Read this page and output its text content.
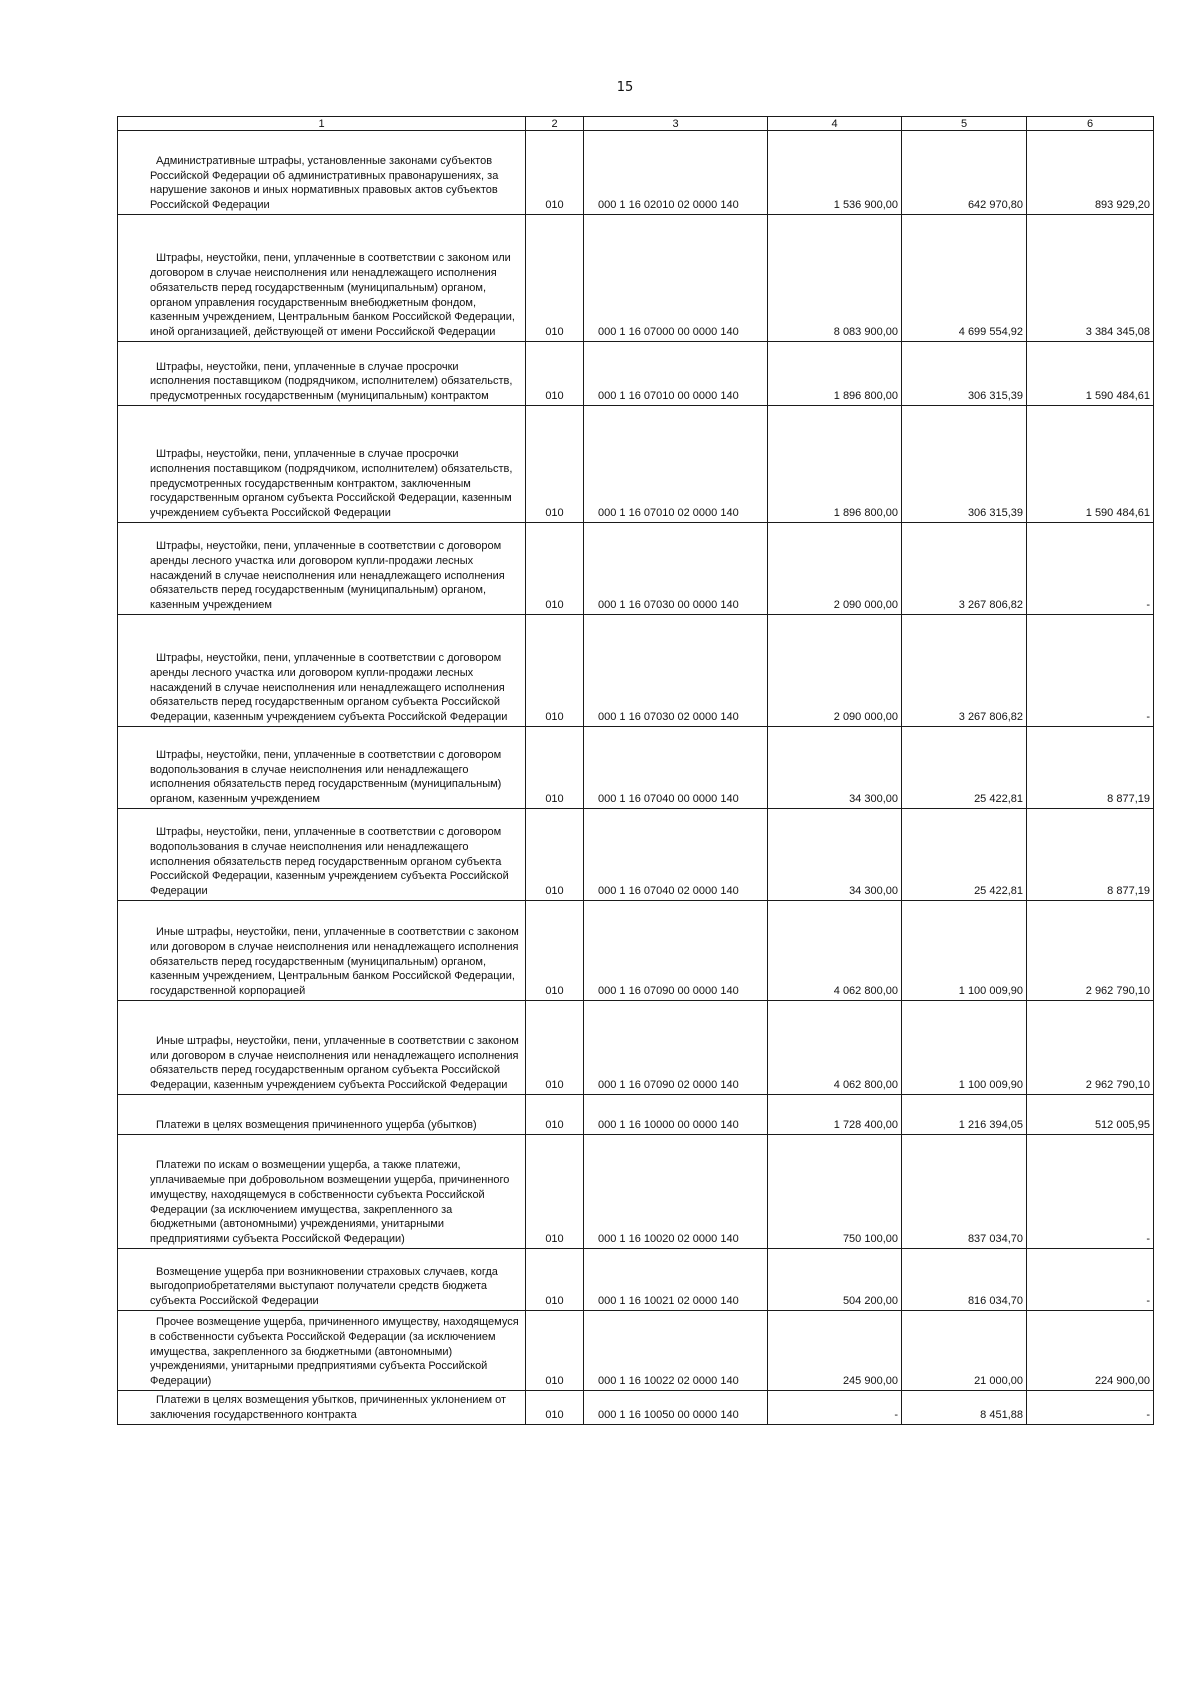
15
1	2	3	4	5	6

Административные штрафы, установленные законами субъектов Российской Федерации об административных правонарушениях, за нарушение законов и иных нормативных правовых актов субъектов Российской Федерации	010	000 1 16 02010 02 0000 140	1 536 900,00	642 970,80	893 929,20

Штрафы, неустойки, пени, уплаченные в соответствии с законом или договором в случае неисполнения или ненадлежащего исполнения обязательств перед государственным (муниципальным) органом, органом управления государственным внебюджетным фондом, казенным учреждением, Центральным банком Российской Федерации, иной организацией, действующей от имени Российской Федерации	010	000 1 16 07000 00 0000 140	8 083 900,00	4 699 554,92	3 384 345,08

Штрафы, неустойки, пени, уплаченные в случае просрочки исполнения поставщиком (подрядчиком, исполнителем) обязательств, предусмотренных государственным (муниципальным) контрактом	010	000 1 16 07010 00 0000 140	1 896 800,00	306 315,39	1 590 484,61

Штрафы, неустойки, пени, уплаченные в случае просрочки исполнения поставщиком (подрядчиком, исполнителем) обязательств, предусмотренных государственным контрактом, заключенным государственным органом субъекта Российской Федерации, казенным учреждением субъекта Российской Федерации	010	000 1 16 07010 02 0000 140	1 896 800,00	306 315,39	1 590 484,61

Штрафы, неустойки, пени, уплаченные в соответствии с договором аренды лесного участка или договором купли-продажи лесных насаждений в случае неисполнения или ненадлежащего исполнения обязательств перед государственным (муниципальным) органом, казенным учреждением	010	000 1 16 07030 00 0000 140	2 090 000,00	3 267 806,82	-

Штрафы, неустойки, пени, уплаченные в соответствии с договором аренды лесного участка или договором купли-продажи лесных насаждений в случае неисполнения или ненадлежащего исполнения обязательств перед государственным органом субъекта Российской Федерации, казенным учреждением субъекта Российской Федерации	010	000 1 16 07030 02 0000 140	2 090 000,00	3 267 806,82	-

Штрафы, неустойки, пени, уплаченные в соответствии с договором водопользования в случае неисполнения или ненадлежащего исполнения обязательств перед государственным (муниципальным) органом, казенным учреждением	010	000 1 16 07040 00 0000 140	34 300,00	25 422,81	8 877,19

Штрафы, неустойки, пени, уплаченные в соответствии с договором водопользования в случае неисполнения или ненадлежащего исполнения обязательств перед государственным органом субъекта Российской Федерации, казенным учреждением субъекта Российской Федерации	010	000 1 16 07040 02 0000 140	34 300,00	25 422,81	8 877,19

Иные штрафы, неустойки, пени, уплаченные в соответствии с законом или договором в случае неисполнения или ненадлежащего исполнения обязательств перед государственным (муниципальным) органом, казенным учреждением, Центральным банком Российской Федерации, государственной корпорацией	010	000 1 16 07090 00 0000 140	4 062 800,00	1 100 009,90	2 962 790,10

Иные штрафы, неустойки, пени, уплаченные в соответствии с законом или договором в случае неисполнения или ненадлежащего исполнения обязательств перед государственным органом субъекта Российской Федерации, казенным учреждением субъекта Российской Федерации	010	000 1 16 07090 02 0000 140	4 062 800,00	1 100 009,90	2 962 790,10

Платежи в целях возмещения причиненного ущерба (убытков)	010	000 1 16 10000 00 0000 140	1 728 400,00	1 216 394,05	512 005,95

Платежи по искам о возмещении ущерба, а также платежи, уплачиваемые при добровольном возмещении ущерба, причиненного имуществу, находящемуся в собственности субъекта Российской Федерации (за исключением имущества, закрепленного за бюджетными (автономными) учреждениями, унитарными предприятиями субъекта Российской Федерации)	010	000 1 16 10020 02 0000 140	750 100,00	837 034,70	-

Возмещение ущерба при возникновении страховых случаев, когда выгодоприобретателями выступают получатели средств бюджета субъекта Российской Федерации	010	000 1 16 10021 02 0000 140	504 200,00	816 034,70	-

Прочее возмещение ущерба, причиненного имуществу, находящемуся в собственности субъекта Российской Федерации (за исключением имущества, закрепленного за бюджетными (автономными) учреждениями, унитарными предприятиями субъекта Российской Федерации)	010	000 1 16 10022 02 0000 140	245 900,00	21 000,00	224 900,00

Платежи в целях возмещения убытков, причиненных уклонением от заключения государственного контракта	010	000 1 16 10050 00 0000 140	-	8 451,88	-
